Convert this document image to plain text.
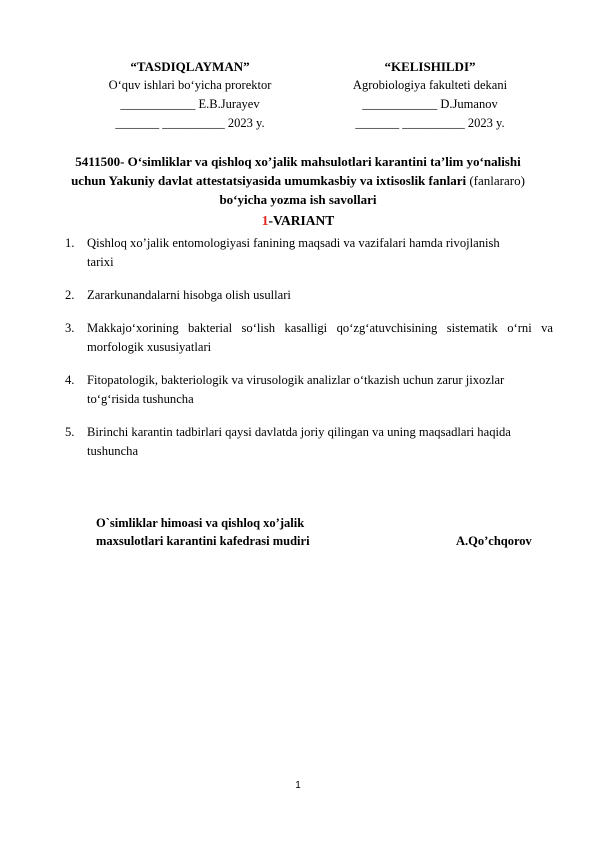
“TASDIQLAYMAN”
O‘quv ishlari bo‘yicha prorektor
____________ E.B.Jurayev
_______ __________ 2023 y.
“KELISHILDI”
Agrobiologiya fakulteti dekani
____________ D.Jumanov
_______ __________ 2023 y.
5411500- O‘simliklar va qishloq xo’jalik mahsulotlari karantini ta’lim yo‘nalishi uchun Yakuniy davlat attestatsiyasida umumkasbiy va ixtisoslik fanlari (fanlararo) bo‘yicha yozma ish savollari
1-VARIANT
1. Qishloq xo’jalik entomologiyasi fanining maqsadi va vazifalari hamda rivojlanish tarixi
2. Zararkunandalarni hisobga olish usullari
3. Makkajo‘xorining bakterial so‘lish kasalligi qo‘zg‘atuvchisining sistematik o‘rni va morfologik xususiyatlari
4. Fitopatologik, bakteriologik va virusologik analizlar o‘tkazish uchun zarur jixozlar to‘g‘risida tushuncha
5. Birinchi karantin tadbirlari qaysi davlatda joriy qilingan va uning maqsadlari haqida tushuncha
O`simliklar himoasi va qishloq xo’jalik
maxsulotlari karantini kafedrasi mudiri	A.Qo’chqorov
1
